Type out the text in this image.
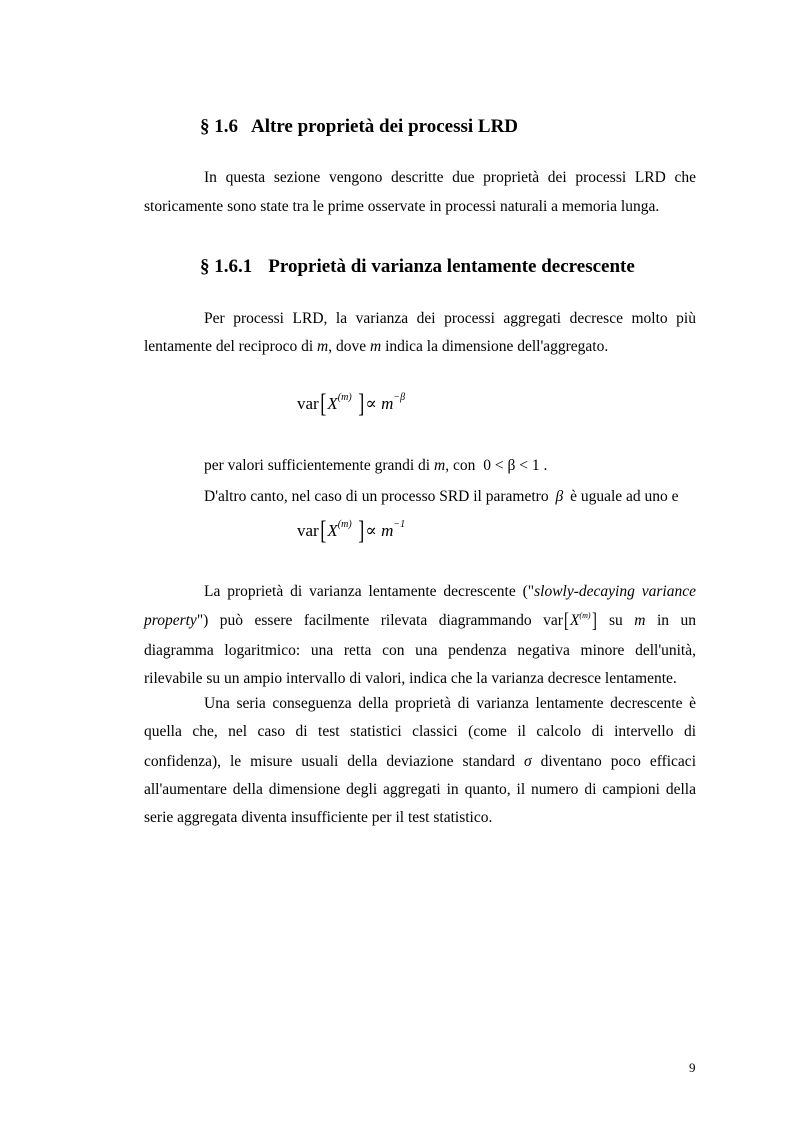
§ 1.6 Altre proprietà dei processi LRD
In questa sezione vengono descritte due proprietà dei processi LRD che
storicamente sono state tra le prime osservate in processi naturali a memoria lunga.
§ 1.6.1 Proprietà di varianza lentamente decrescente
Per processi LRD, la varianza dei processi aggregati decresce molto più
lentamente del reciproco di m, dove m indica la dimensione dell'aggregato.
$var[X^{(m)}$ ]∝ $m^{-\beta}$
per valori sufficientemente grandi di m, con 0 < β < 1 .
D'altro canto, nel caso di un processo SRD il parametro β è uguale ad uno e
$var[X^{(m)}$ ]∝ $m^{-1}$
La proprietà di varianza lentamente decrescente ("slowly-decaying variance
property") può essere facilmente rilevata diagrammando $var[X^{(m)}]$ su m in un
diagramma logaritmico: una retta con una pendenza negativa minore dell'unità,
rilevabile su un ampio intervallo di valori, indica che la varianza decresce lentamente.
Una seria conseguenza della proprietà di varianza lentamente decrescente è
quella che, nel caso di test statistici classici (come il calcolo di intervello di
confidenza), le misure usuali della deviazione standard σ diventano poco efficaci
all'aumentare della dimensione degli aggregati in quanto, il numero di campioni della
serie aggregata diventa insufficiente per il test statistico.
9
